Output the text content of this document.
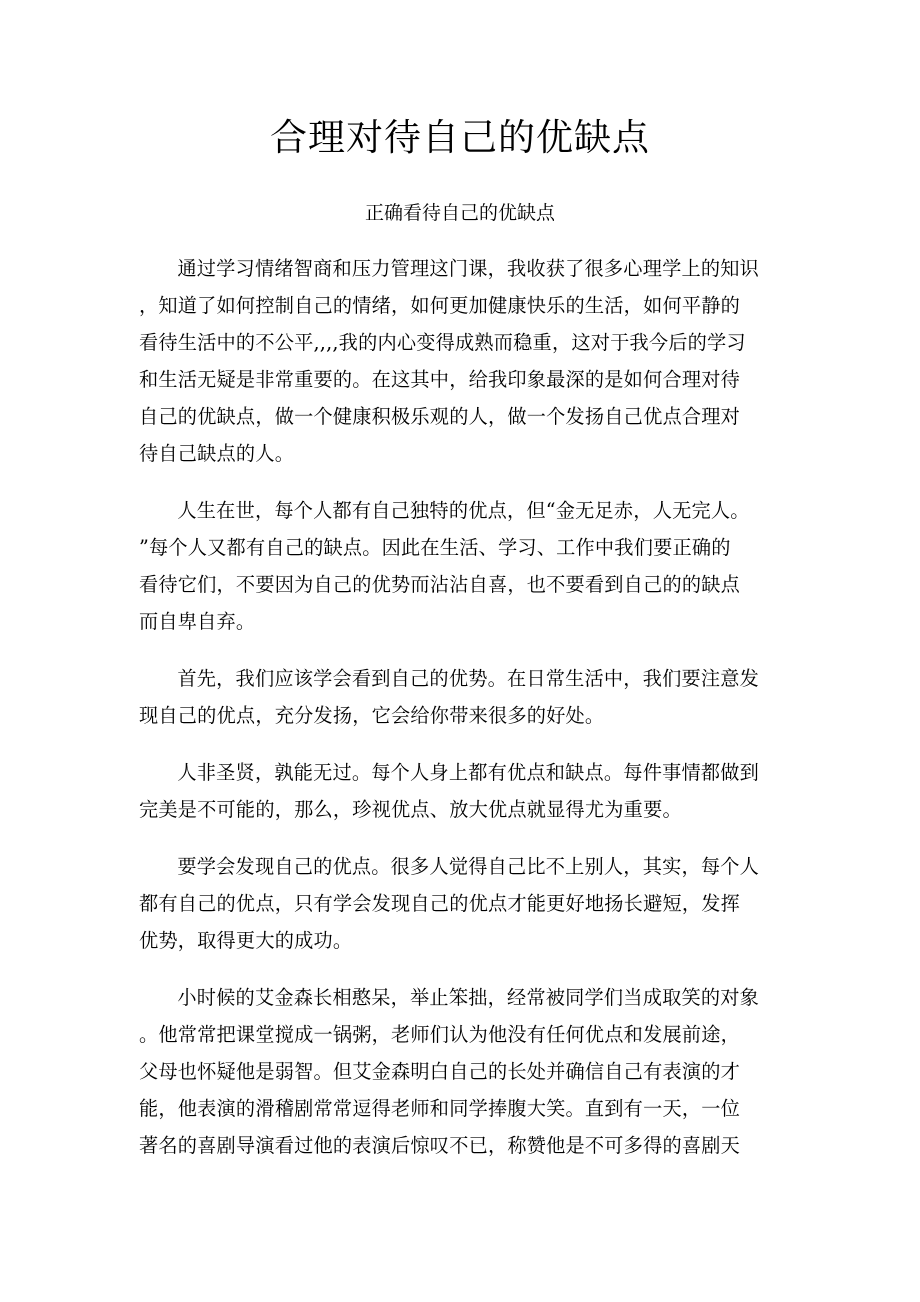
合理对待自己的优缺点
正确看待自己的优缺点

通过学习情绪智商和压力管理这门课，我收获了很多心理学上的知识
，知道了如何控制自己的情绪，如何更加健康快乐的生活，如何平静的
看待生活中的不公平,,,,我的内心变得成熟而稳重，这对于我今后的学习
和生活无疑是非常重要的。在这其中，给我印象最深的是如何合理对待
自己的优缺点，做一个健康积极乐观的人，做一个发扬自己优点合理对
待自己缺点的人。

人生在世，每个人都有自己独特的优点，但“金无足赤，人无完人。
”每个人又都有自己的缺点。因此在生活、学习、工作中我们要正确的
看待它们，不要因为自己的优势而沾沾自喜，也不要看到自己的的缺点
而自卑自弃。

首先，我们应该学会看到自己的优势。在日常生活中，我们要注意发
现自己的优点，充分发扬，它会给你带来很多的好处。

人非圣贤，孰能无过。每个人身上都有优点和缺点。每件事情都做到
完美是不可能的，那么，珍视优点、放大优点就显得尤为重要。

要学会发现自己的优点。很多人觉得自己比不上别人，其实，每个人
都有自己的优点，只有学会发现自己的优点才能更好地扬长避短，发挥
优势，取得更大的成功。

小时候的艾金森长相憨呆，举止笨拙，经常被同学们当成取笑的对象
。他常常把课堂搅成一锅粥，老师们认为他没有任何优点和发展前途，
父母也怀疑他是弱智。但艾金森明白自己的长处并确信自己有表演的才
能，他表演的滑稽剧常常逗得老师和同学捧腹大笑。直到有一天，一位
著名的喜剧导演看过他的表演后惊叹不已，称赞他是不可多得的喜剧天
